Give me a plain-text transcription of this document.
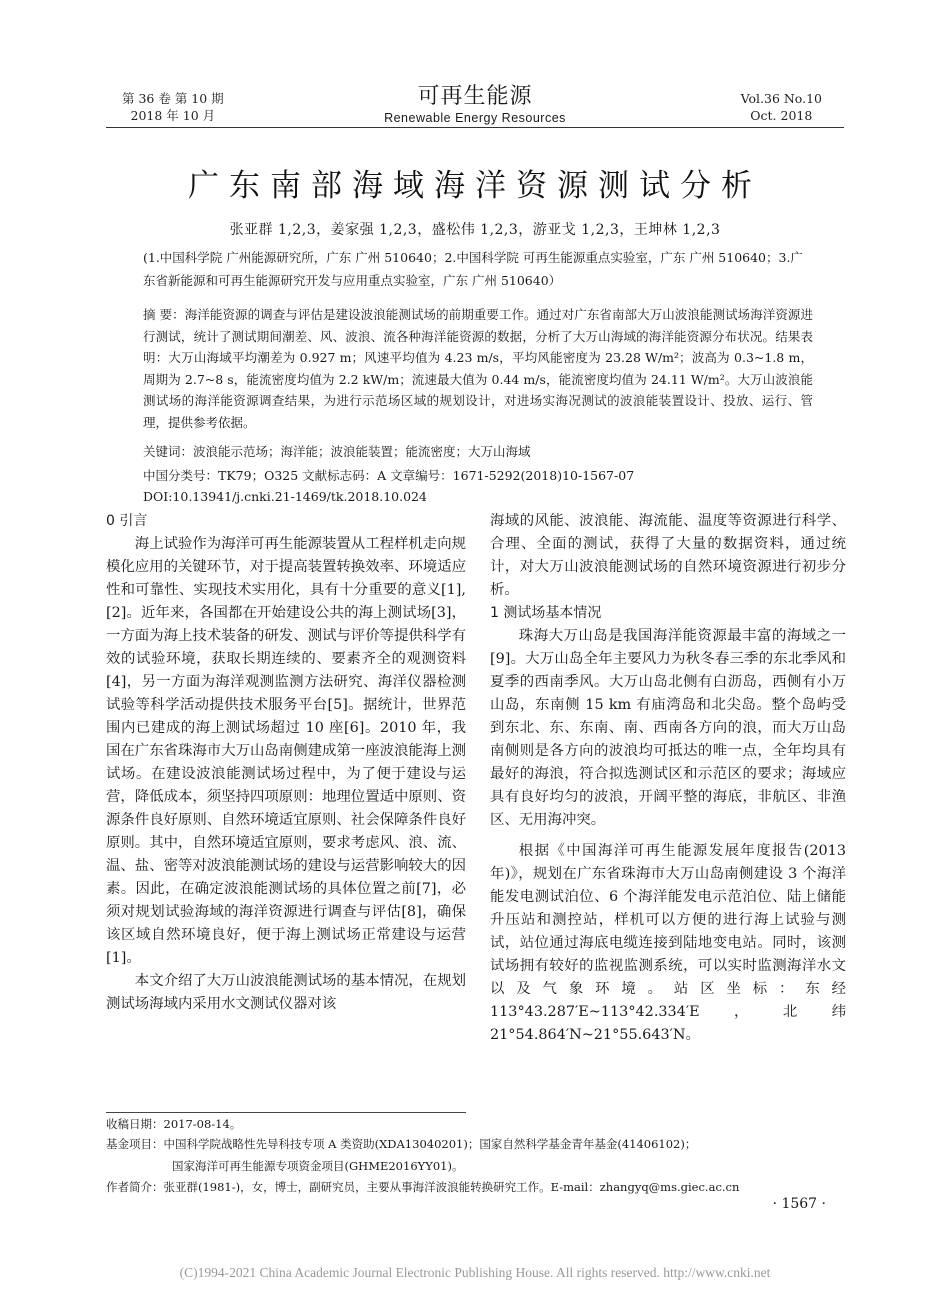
第 36 卷 第 10 期
2018 年 10 月
可再生能源
Renewable Energy Resources
Vol.36 No.10
Oct. 2018
广东南部海域海洋资源测试分析
张亚群 1,2,3，姜家强 1,2,3，盛松伟 1,2,3，游亚戈 1,2,3，王坤林 1,2,3
(1.中国科学院 广州能源研究所，广东 广州 510640；2.中国科学院 可再生能源重点实验室，广东 广州 510640；3.广东省新能源和可再生能源研究开发与应用重点实验室，广东 广州 510640）
摘 要：海洋能资源的调查与评估是建设波浪能测试场的前期重要工作。通过对广东省南部大万山波浪能测试场海洋资源进行测试，统计了测试期间潮差、风、波浪、流各种海洋能资源的数据，分析了大万山海域的海洋能资源分布状况。结果表明：大万山海域平均潮差为 0.927 m；风速平均值为 4.23 m/s，平均风能密度为 23.28 W/m²；波高为 0.3~1.8 m，周期为 2.7~8 s，能流密度均值为 2.2 kW/m；流速最大值为 0.44 m/s，能流密度均值为 24.11 W/m²。大万山波浪能测试场的海洋能资源调查结果，为进行示范场区域的规划设计，对进场实海况测试的波浪能装置设计、投放、运行、管理，提供参考依据。
关键词：波浪能示范场；海洋能；波浪能装置；能流密度；大万山海域
中国分类号：TK79；O325 文献标志码：A 文章编号：1671-5292(2018)10-1567-07
DOI:10.13941/j.cnki.21-1469/tk.2018.10.024
0 引言

海上试验作为海洋可再生能源装置从工程样机走向规模化应用的关键环节，对于提高装置转换效率、环境适应性和可靠性、实现技术实用化，具有十分重要的意义[1],[2]。近年来，各国都在开始建设公共的海上测试场[3]，一方面为海上技术装备的研发、测试与评价等提供科学有效的试验环境，获取长期连续的、要素齐全的观测资料[4]，另一方面为海洋观测监测方法研究、海洋仪器检测试验等科学活动提供技术服务平台[5]。据统计，世界范围内已建成的海上测试场超过 10 座[6]。2010 年，我国在广东省珠海市大万山岛南侧建成第一座波浪能海上测试场。在建设波浪能测试场过程中，为了便于建设与运营，降低成本，须坚持四项原则：地理位置适中原则、资源条件良好原则、自然环境适宜原则、社会保障条件良好原则。其中，自然环境适宜原则，要求考虑风、浪、流、温、盐、密等对波浪能测试场的建设与运营影响较大的因素。因此，在确定波浪能测试场的具体位置之前[7]，必须对规划试验海域的海洋资源进行调查与评估[8]，确保该区域自然环境良好，便于海上测试场正常建设与运营[1]。

本文介绍了大万山波浪能测试场的基本情况，在规划测试场海域内采用水文测试仪器对该

海域的风能、波浪能、海流能、温度等资源进行科学、合理、全面的测试，获得了大量的数据资料，通过统计，对大万山波浪能测试场的自然环境资源进行初步分析。

1 测试场基本情况

珠海大万山岛是我国海洋能资源最丰富的海域之一[9]。大万山岛全年主要风力为秋冬春三季的东北季风和夏季的西南季风。大万山岛北侧有白沥岛，西侧有小万山岛，东南侧 15 km 有庙湾岛和北尖岛。整个岛屿受到东北、东、东南、南、西南各方向的浪，而大万山岛南侧则是各方向的波浪均可抵达的唯一点，全年均具有最好的海浪，符合拟选测试区和示范区的要求；海域应具有良好均匀的波浪，开阔平整的海底，非航区、非渔区、无用海冲突。

根据《中国海洋可再生能源发展年度报告(2013 年)》，规划在广东省珠海市大万山岛南侧建设 3 个海洋能发电测试泊位、6 个海洋能发电示范泊位、陆上储能升压站和测控站，样机可以方便的进行海上试验与测试，站位通过海底电缆连接到陆地变电站。同时，该测试场拥有较好的监视监测系统，可以实时监测海洋水文以及气象环境。站区坐标：东经 113°43.287′E~113°42.334′E，北纬 21°54.864′N~21°55.643′N。

收稿日期：2017-08-14。
基金项目：中国科学院战略性先导科技专项 A 类资助(XDA13040201)；国家自然科学基金青年基金(41406102)；
国家海洋可再生能源专项资金项目(GHME2016YY01)。
作者简介：张亚群(1981-)，女，博士，副研究员，主要从事海洋波浪能转换研究工作。E-mail：zhangyq@ms.giec.ac.cn
· 1567 ·
(C)1994-2021 China Academic Journal Electronic Publishing House. All rights reserved. http://www.cnki.net
